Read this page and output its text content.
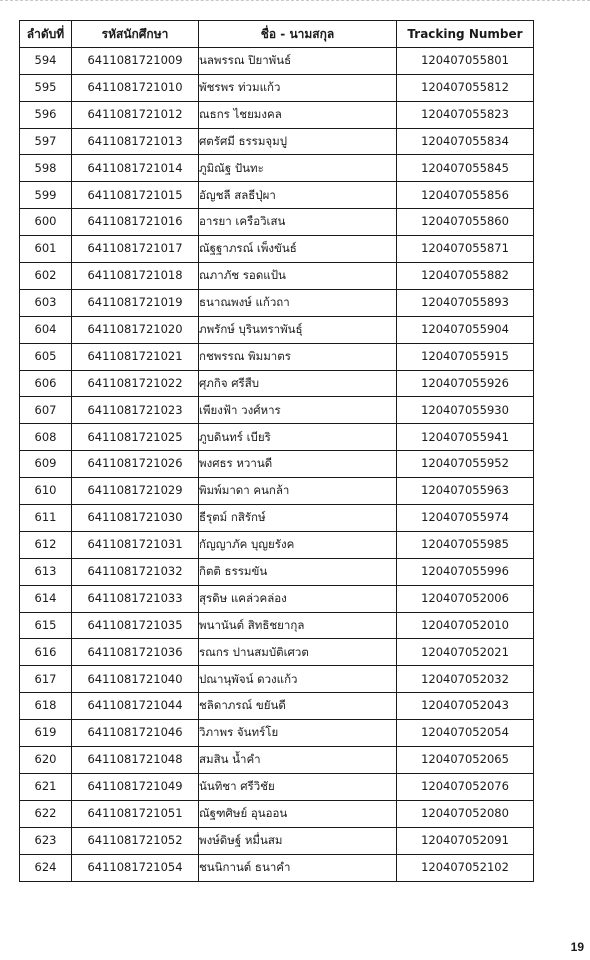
ลำดับที่	รหัสนักศึกษา	ชื่อ - นามสกุล	Tracking Number
594	6411081721009	นลพรรณ ปิยาพันธ์	120407055801
595	6411081721010	พัชรพร ท่วมแก้ว	120407055812
596	6411081721012	ณธกร ไชยมงคล	120407055823
597	6411081721013	ศตรัศมี ธรรมจุมปู	120407055834
598	6411081721014	ภูมิณัฐ ปันทะ	120407055845
599	6411081721015	อัญชลี สลธีปุ่ผา	120407055856
600	6411081721016	อารยา เครือวิเสน	120407055860
601	6411081721017	ณัฐฐาภรณ์ เพ็งขันธ์	120407055871
602	6411081721018	ณภาภัช รอดแป้น	120407055882
603	6411081721019	ธนาณพงษ์ แก้วถา	120407055893
604	6411081721020	ภพรักษ์ บุรินทราพันธุ์	120407055904
605	6411081721021	กชพรรณ พิมมาตร	120407055915
606	6411081721022	ศุภกิจ ศรีสืบ	120407055926
607	6411081721023	เพียงฟ้า วงศ์หาร	120407055930
608	6411081721025	ภูบดินทร์ เบียริ	120407055941
609	6411081721026	พงศธร หวานดี	120407055952
610	6411081721029	พิมพ์มาดา คนกล้า	120407055963
611	6411081721030	ธีรุตม์ กสิรักษ์	120407055974
612	6411081721031	กัญญาภัค บุญยรังค	120407055985
613	6411081721032	กิตติ ธรรมขัน	120407055996
614	6411081721033	สุรดิษ แคล่วคล่อง	120407052006
615	6411081721035	พนานันต์ สิทธิชยากุล	120407052010
616	6411081721036	รณกร ปานสมบัติเศวต	120407052021
617	6411081721040	ปณานุพัจน์ ดวงแก้ว	120407052032
618	6411081721044	ชลิดาภรณ์ ขยันดี	120407052043
619	6411081721046	วิภาพร จันทร์โย	120407052054
620	6411081721048	สมสิน น้ำคำ	120407052065
621	6411081721049	นันทิชา ศรีวิชัย	120407052076
622	6411081721051	ณัฐฑศิษย์ อุนออน	120407052080
623	6411081721052	พงษ์ดิษฐ์ หมื่นสม	120407052091
624	6411081721054	ชนนิกานต์ ธนาคำ	120407052102
19
